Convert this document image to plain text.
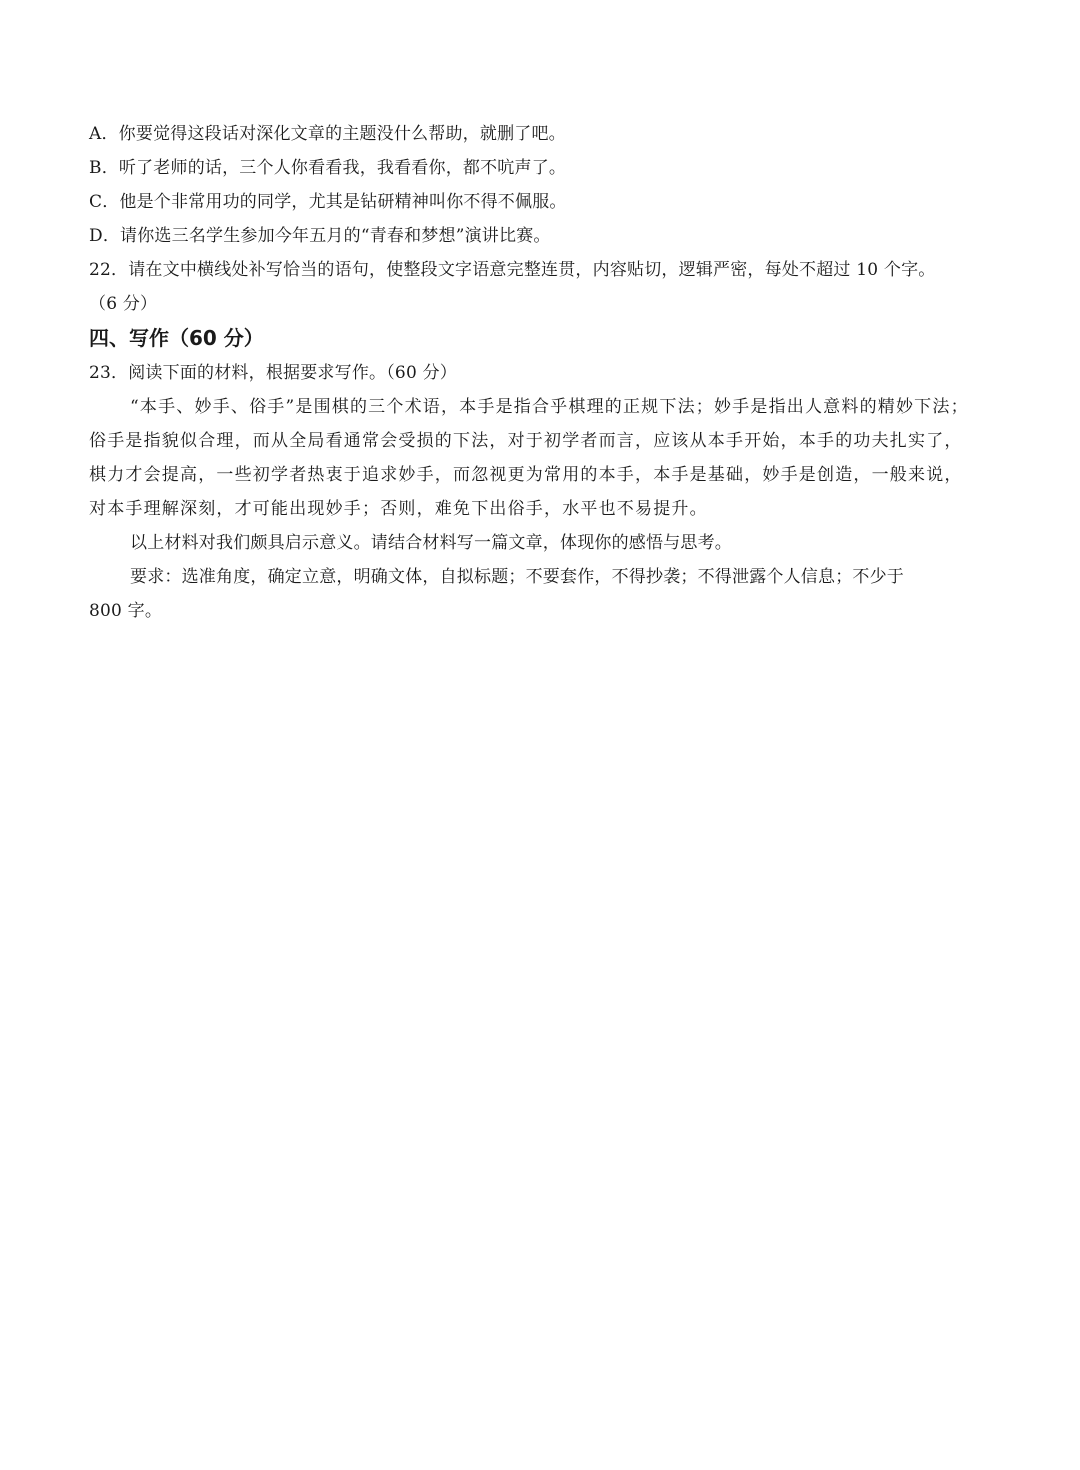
A．你要觉得这段话对深化文章的主题没什么帮助，就删了吧。
B．听了老师的话，三个人你看看我，我看看你，都不吭声了。
C．他是个非常用功的同学，尤其是钻研精神叫你不得不佩服。
D．请你选三名学生参加今年五月的“青春和梦想”演讲比赛。
22．请在文中横线处补写恰当的语句，使整段文字语意完整连贯，内容贴切，逻辑严密，每处不超过 10 个字。
（6 分）
四、写作（60 分）
23．阅读下面的材料，根据要求写作。（60 分）
“本手、妙手、俗手”是围棋的三个术语，本手是指合乎棋理的正规下法；妙手是指出人意料的精妙下法；
俗手是指貌似合理，而从全局看通常会受损的下法，对于初学者而言，应该从本手开始，本手的功夫扎实了，
棋力才会提高，一些初学者热衷于追求妙手，而忽视更为常用的本手，本手是基础，妙手是创造，一般来说，
对本手理解深刻，才可能出现妙手；否则，难免下出俗手，水平也不易提升。
以上材料对我们颇具启示意义。请结合材料写一篇文章，体现你的感悟与思考。
要求：选准角度，确定立意，明确文体，自拟标题；不要套作，不得抄袭；不得泄露个人信息；不少于
800 字。
